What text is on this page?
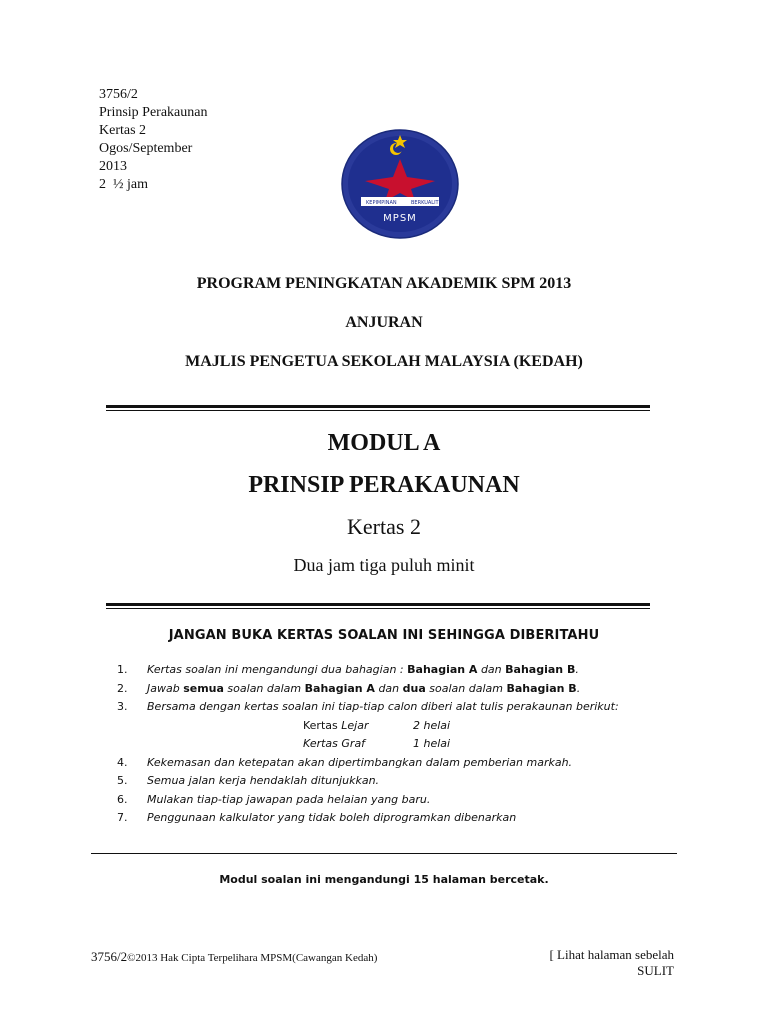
3756/2
Prinsip Perakaunan
Kertas 2
Ogos/September
2013
2  ½ jam
KEPIMPINAN	BERKUALITI
MPSM
PROGRAM PENINGKATAN AKADEMIK SPM 2013
ANJURAN
MAJLIS PENGETUA SEKOLAH MALAYSIA (KEDAH)
MODUL A
PRINSIP PERAKAUNAN
Kertas 2
Dua jam tiga puluh minit
JANGAN BUKA KERTAS SOALAN INI SEHINGGA DIBERITAHU
1. Kertas soalan ini mengandungi dua bahagian : Bahagian A dan Bahagian B.
2. Jawab semua soalan dalam Bahagian A dan dua soalan dalam Bahagian B.
3. Bersama dengan kertas soalan ini tiap-tiap calon diberi alat tulis perakaunan berikut:
Kertas Lejar	2 helai
Kertas Graf	1 helai
4. Kekemasan dan ketepatan akan dipertimbangkan dalam pemberian markah.
5. Semua jalan kerja hendaklah ditunjukkan.
6. Mulakan tiap-tiap jawapan pada helaian yang baru.
7. Penggunaan kalkulator yang tidak boleh diprogramkan dibenarkan
Modul soalan ini mengandungi 15 halaman bercetak.
3756/2©2013 Hak Cipta Terpelihara MPSM(Cawangan Kedah)	[ Lihat halaman sebelah
SULIT
